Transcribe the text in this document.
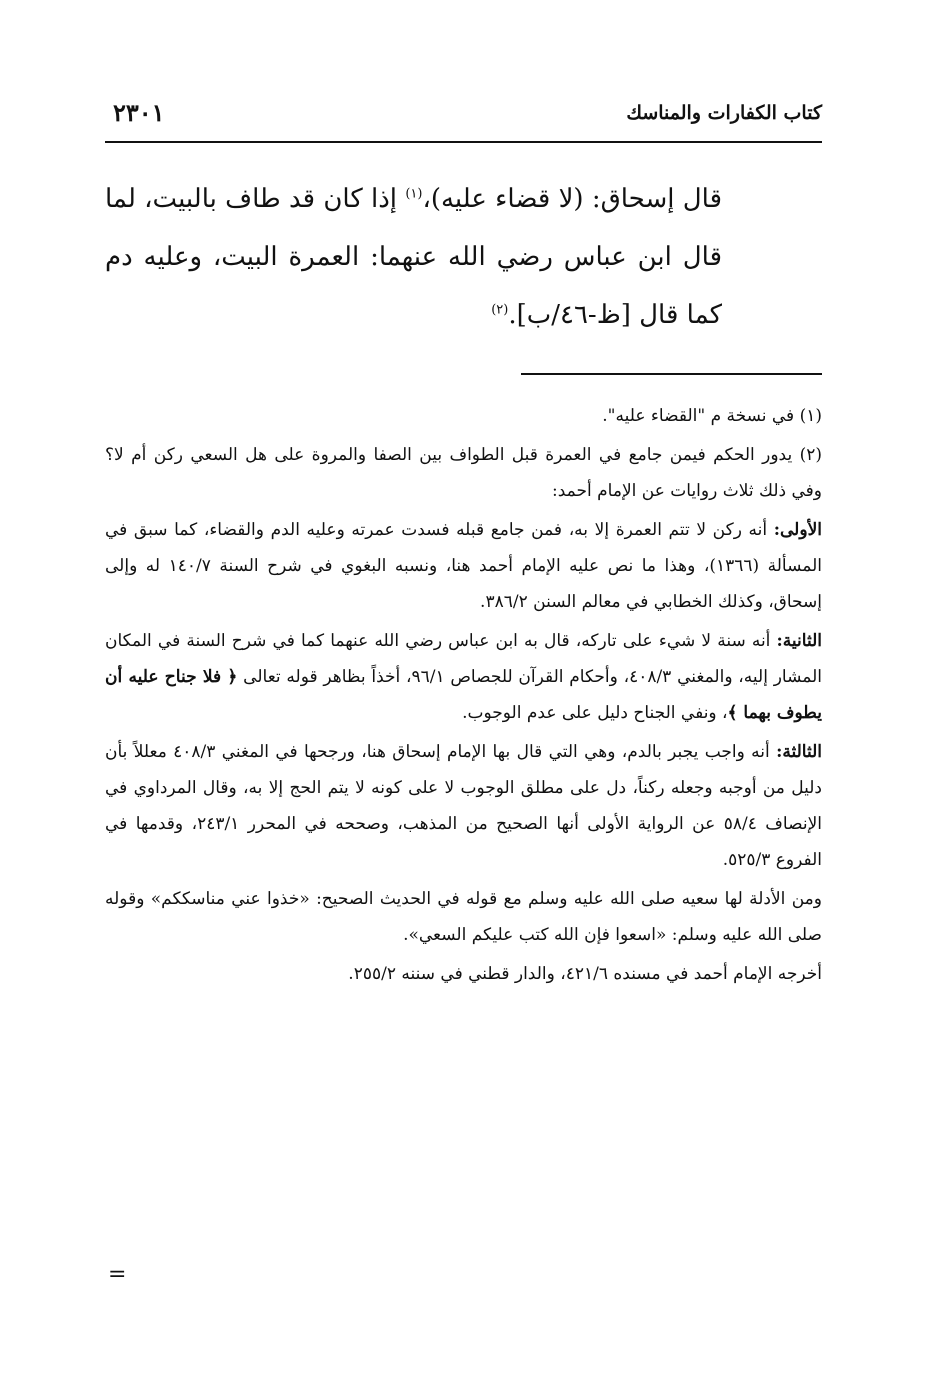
كتاب الكفارات والمناسك
٢٣٠١

قال إسحاق: (لا قضاء عليه)،$^{(١)}$ إذا كان قد طاف بالبيت، لما قال ابن عباس رضي الله عنهما: العمرة البيت، وعليه دم كما قال [ظ-٤٦/ب].$^{(٢)}$

(١) في نسخة م "القضاء عليه".

(٢) يدور الحكم فيمن جامع في العمرة قبل الطواف بين الصفا والمروة على هل السعي ركن أم لا؟ وفي ذلك ثلاث روايات عن الإمام أحمد:

الأولى: أنه ركن لا تتم العمرة إلا به، فمن جامع قبله فسدت عمرته وعليه الدم والقضاء، كما سبق في المسألة (١٣٦٦)، وهذا ما نص عليه الإمام أحمد هنا، ونسبه البغوي في شرح السنة ١٤٠/٧ له وإلى إسحاق، وكذلك الخطابي في معالم السنن ٣٨٦/٢.

الثانية: أنه سنة لا شيء على تاركه، قال به ابن عباس رضي الله عنهما كما في شرح السنة في المكان المشار إليه، والمغني ٤٠٨/٣، وأحكام القرآن للجصاص ٩٦/١، أخذاً بظاهر قوله تعالى ﴿ فلا جناح عليه أن يطوف بهما ﴾، ونفي الجناح دليل على عدم الوجوب.

الثالثة: أنه واجب يجبر بالدم، وهي التي قال بها الإمام إسحاق هنا، ورجحها في المغني ٤٠٨/٣ معللاً بأن دليل من أوجبه وجعله ركناً، دل على مطلق الوجوب لا على كونه لا يتم الحج إلا به، وقال المرداوي في الإنصاف ٥٨/٤ عن الرواية الأولى أنها الصحيح من المذهب، وصححه في المحرر ٢٤٣/١، وقدمها في الفروع ٥٢٥/٣.

ومن الأدلة لها سعيه صلى الله عليه وسلم مع قوله في الحديث الصحيح: «خذوا عني مناسككم» وقوله صلى الله عليه وسلم: «اسعوا فإن الله كتب عليكم السعي».

أخرجه الإمام أحمد في مسنده ٤٢١/٦، والدار قطني في سننه ٢٥٥/٢.

=
